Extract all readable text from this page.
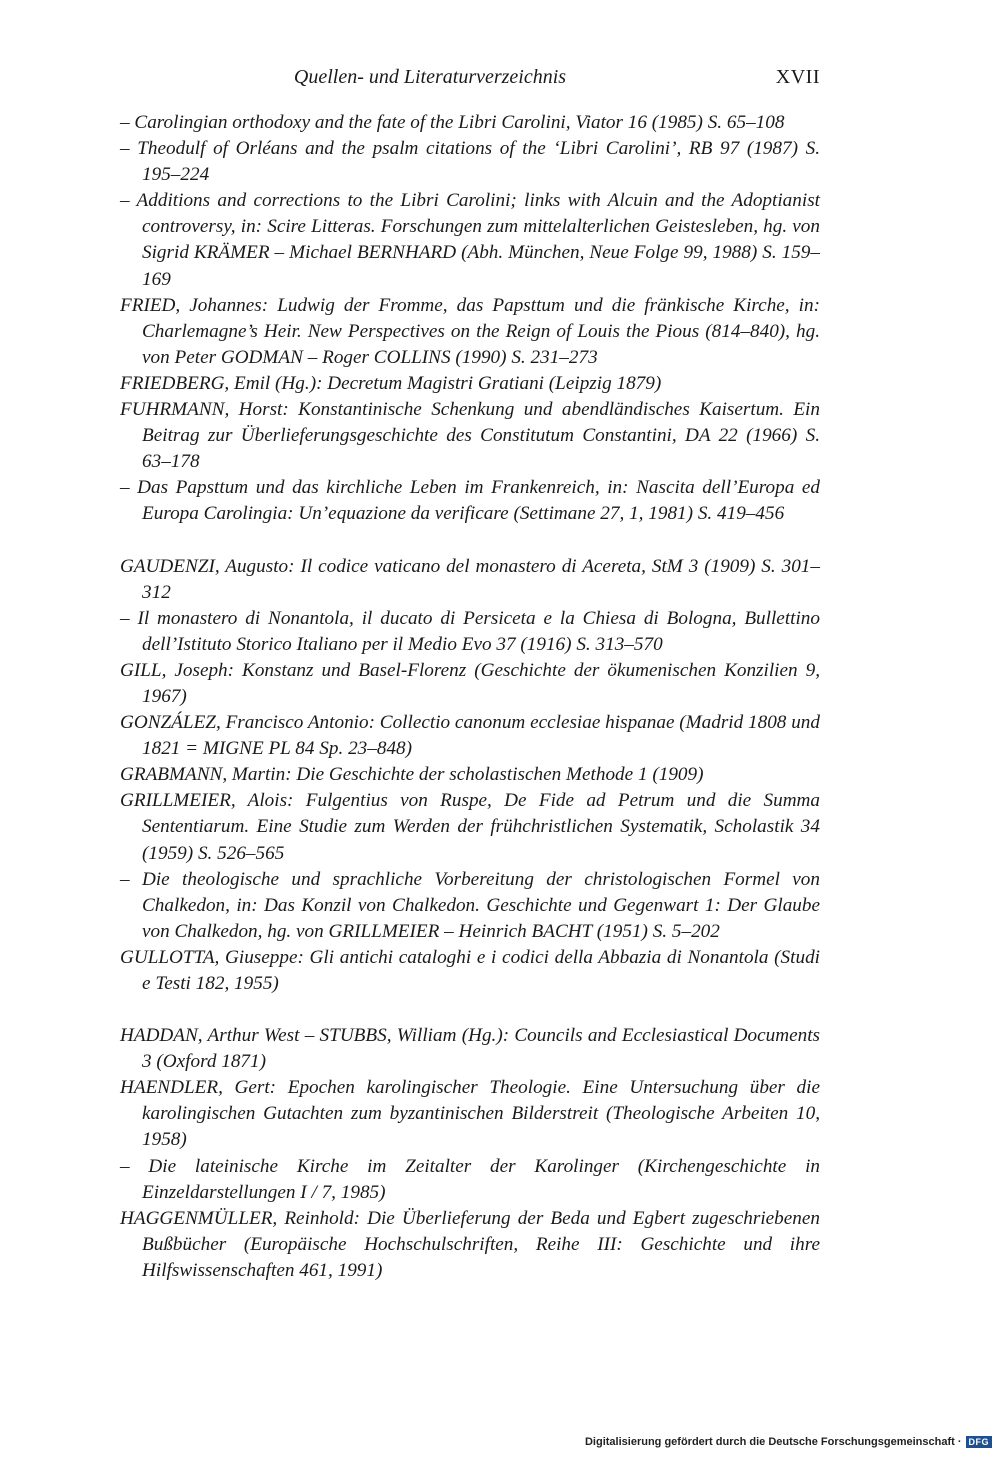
Quellen- und Literaturverzeichnis	XVII

– Carolingian orthodoxy and the fate of the Libri Carolini, Viator 16 (1985) S. 65–108

– Theodulf of Orléans and the psalm citations of the ‘Libri Carolini’, RB 97 (1987) S. 195–224

– Additions and corrections to the Libri Carolini; links with Alcuin and the Adoptianist controversy, in: Scire Litteras. Forschungen zum mittelalterlichen Geistesleben, hg. von Sigrid KRÄMER – Michael BERNHARD (Abh. München, Neue Folge 99, 1988) S. 159–169

FRIED, Johannes: Ludwig der Fromme, das Papsttum und die fränkische Kirche, in: Charlemagne’s Heir. New Perspectives on the Reign of Louis the Pious (814–840), hg. von Peter GODMAN – Roger COLLINS (1990) S. 231–273

FRIEDBERG, Emil (Hg.): Decretum Magistri Gratiani (Leipzig 1879)

FUHRMANN, Horst: Konstantinische Schenkung und abendländisches Kaisertum. Ein Beitrag zur Überlieferungsgeschichte des Constitutum Constantini, DA 22 (1966) S. 63–178

– Das Papsttum und das kirchliche Leben im Frankenreich, in: Nascita dell’Europa ed Europa Carolingia: Un’equazione da verificare (Settimane 27, 1, 1981) S. 419–456

GAUDENZI, Augusto: Il codice vaticano del monastero di Acereta, StM 3 (1909) S. 301–312

– Il monastero di Nonantola, il ducato di Persiceta e la Chiesa di Bologna, Bullettino dell’Istituto Storico Italiano per il Medio Evo 37 (1916) S. 313–570

GILL, Joseph: Konstanz und Basel-Florenz (Geschichte der ökumenischen Konzilien 9, 1967)

GONZÁLEZ, Francisco Antonio: Collectio canonum ecclesiae hispanae (Madrid 1808 und 1821 = MIGNE PL 84 Sp. 23–848)

GRABMANN, Martin: Die Geschichte der scholastischen Methode 1 (1909)

GRILLMEIER, Alois: Fulgentius von Ruspe, De Fide ad Petrum und die Summa Sententiarum. Eine Studie zum Werden der frühchristlichen Systematik, Scholastik 34 (1959) S. 526–565

– Die theologische und sprachliche Vorbereitung der christologischen Formel von Chalkedon, in: Das Konzil von Chalkedon. Geschichte und Gegenwart 1: Der Glaube von Chalkedon, hg. von GRILLMEIER – Heinrich BACHT (1951) S. 5–202

GULLOTTA, Giuseppe: Gli antichi cataloghi e i codici della Abbazia di Nonantola (Studi e Testi 182, 1955)

HADDAN, Arthur West – STUBBS, William (Hg.): Councils and Ecclesiastical Documents 3 (Oxford 1871)

HAENDLER, Gert: Epochen karolingischer Theologie. Eine Untersuchung über die karolingischen Gutachten zum byzantinischen Bilderstreit (Theologische Arbeiten 10, 1958)

– Die lateinische Kirche im Zeitalter der Karolinger (Kirchengeschichte in Einzeldarstellungen I / 7, 1985)

HAGGENMÜLLER, Reinhold: Die Überlieferung der Beda und Egbert zugeschriebenen Bußbücher (Europäische Hochschulschriften, Reihe III: Geschichte und ihre Hilfswissenschaften 461, 1991)

Digitalisierung gefördert durch die Deutsche Forschungsgemeinschaft · DFG
